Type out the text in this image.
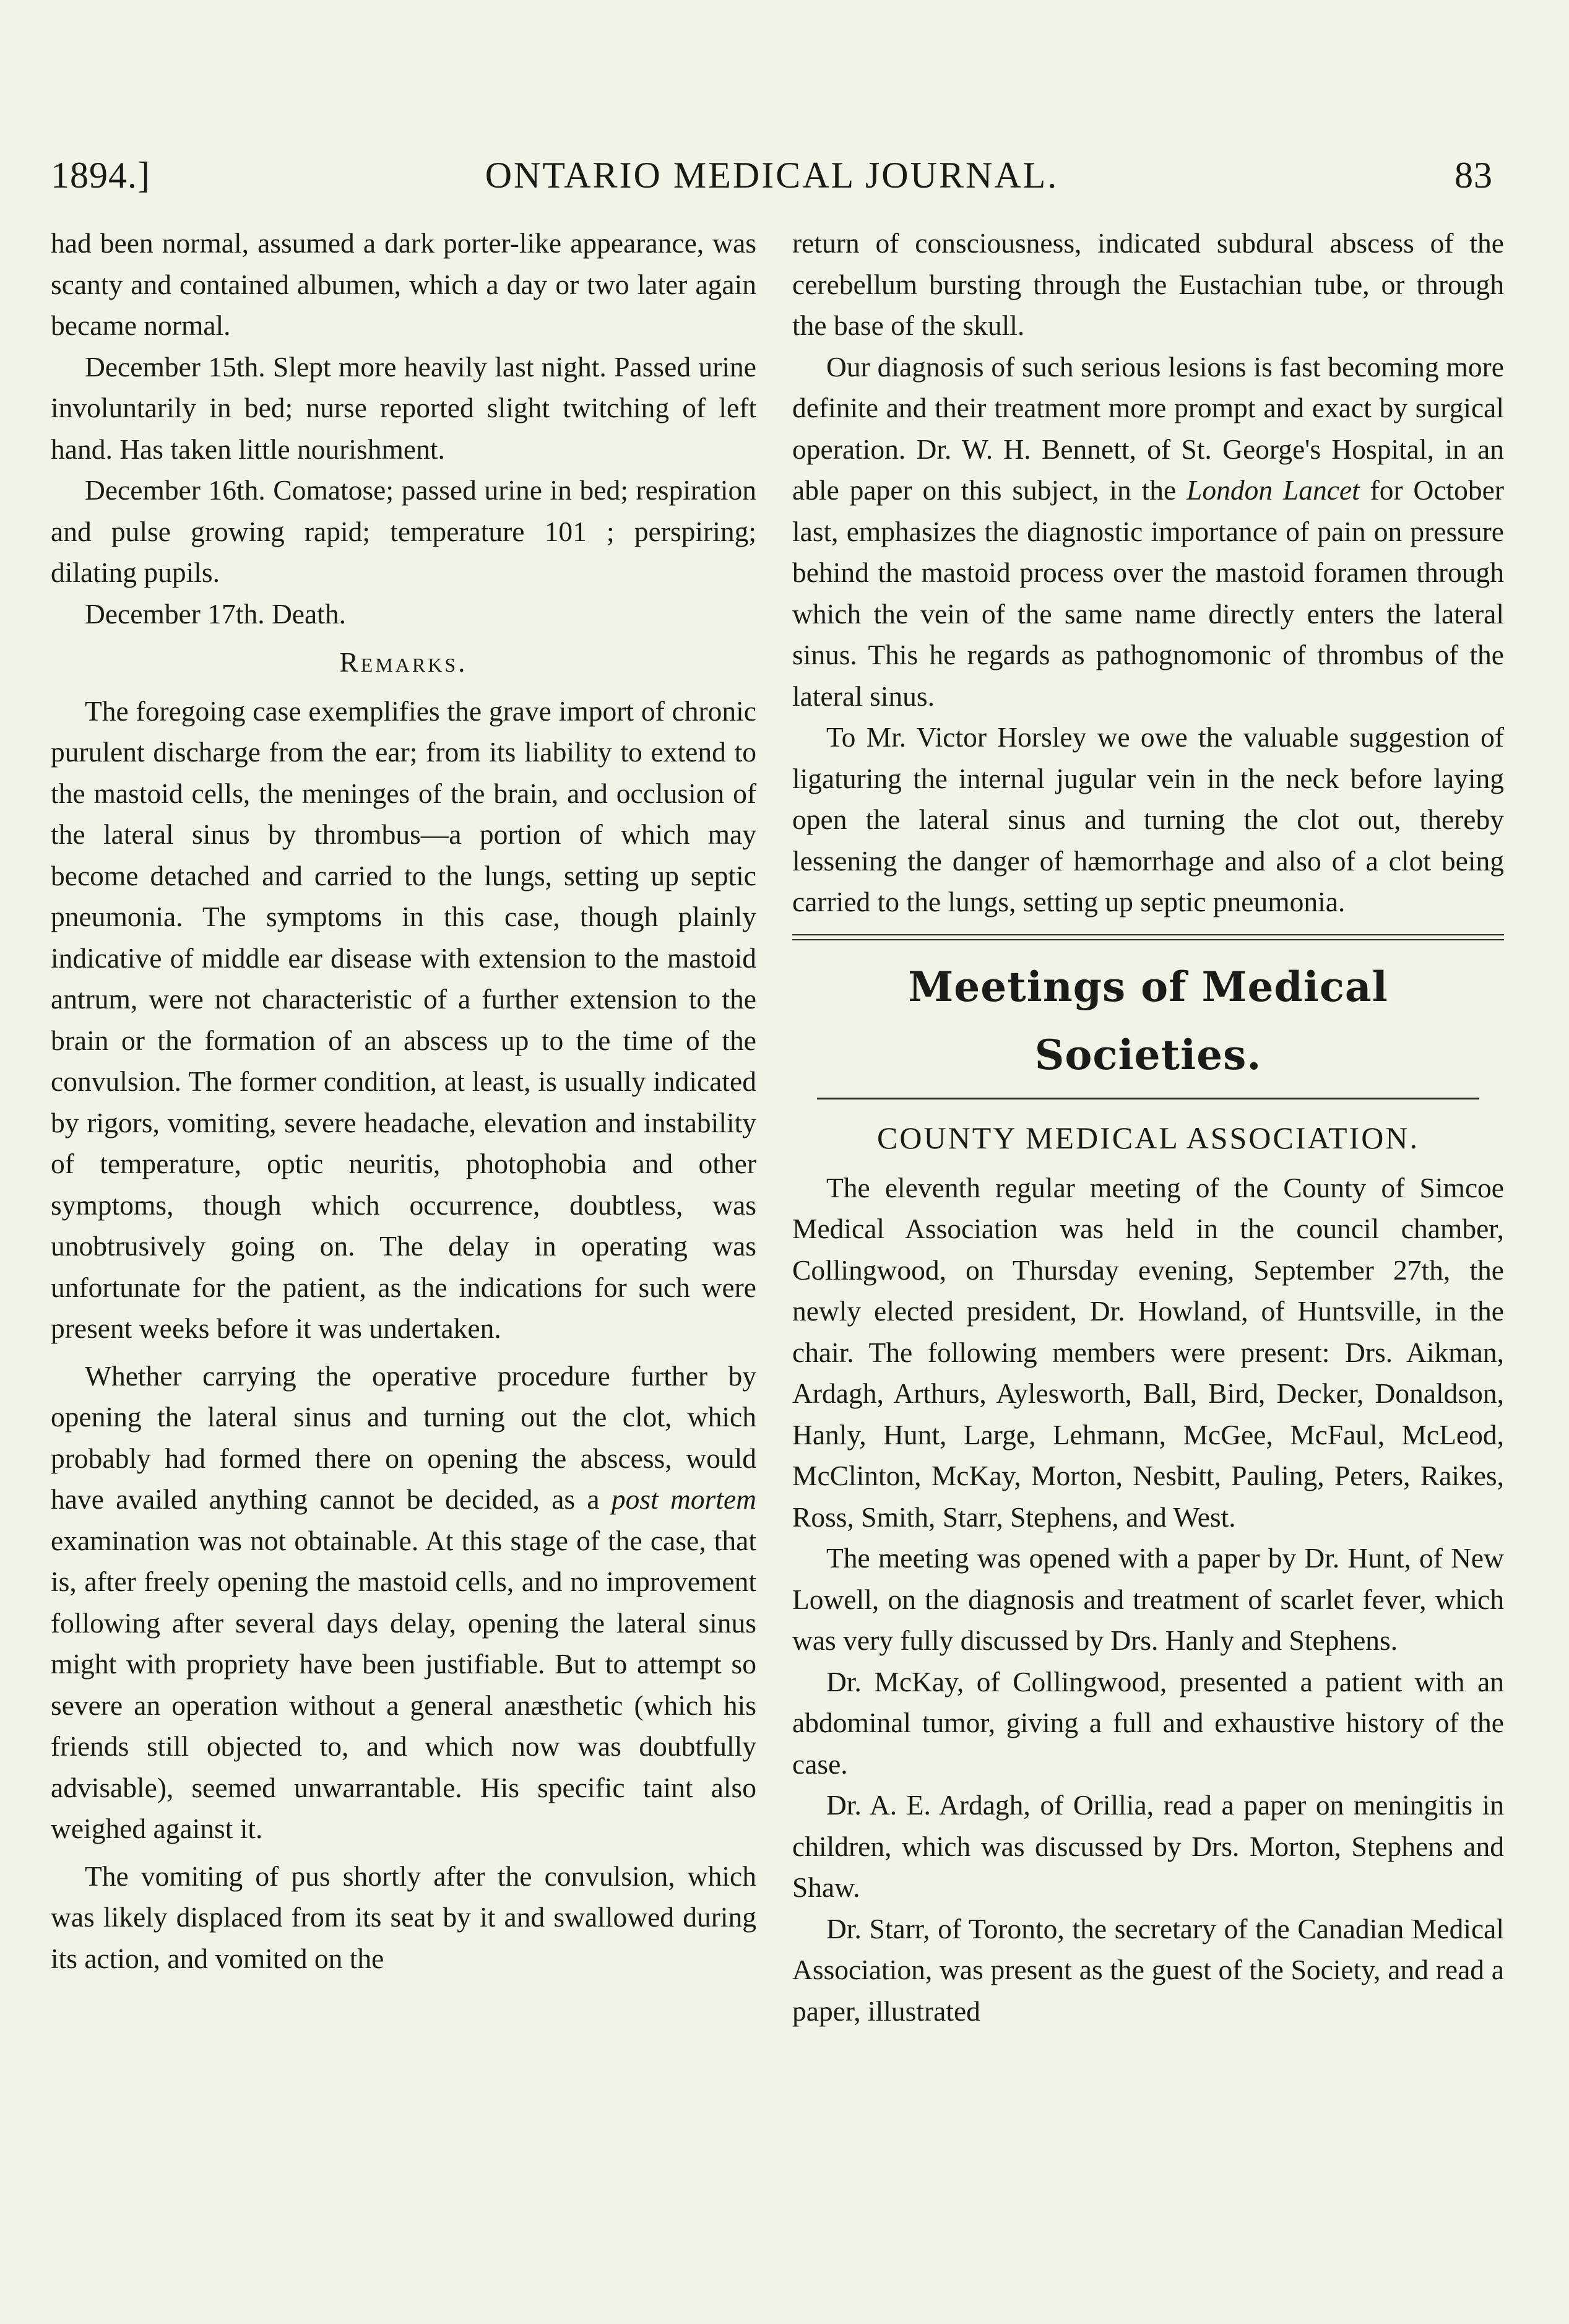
ONTARIO MEDICAL JOURNAL.
1894.]	83

had been normal, assumed a dark porter-like appearance, was scanty and contained albumen, which a day or two later again became normal.

December 15th. Slept more heavily last night. Passed urine involuntarily in bed; nurse reported slight twitching of left hand. Has taken little nourishment.

December 16th. Comatose; passed urine in bed; respiration and pulse growing rapid; temperature 101 ; perspiring; dilating pupils.

December 17th. Death.

Remarks.

The foregoing case exemplifies the grave import of chronic purulent discharge from the ear; from its liability to extend to the mastoid cells, the meninges of the brain, and occlusion of the lateral sinus by thrombus—a portion of which may become detached and carried to the lungs, setting up septic pneumonia. The symptoms in this case, though plainly indicative of middle ear disease with extension to the mastoid antrum, were not characteristic of a further extension to the brain or the formation of an abscess up to the time of the convulsion. The former condition, at least, is usually indicated by rigors, vomiting, severe headache, elevation and instability of temperature, optic neuritis, photophobia and other symptoms, though which occurrence, doubtless, was unobtrusively going on. The delay in operating was unfortunate for the patient, as the indications for such were present weeks before it was undertaken.

Whether carrying the operative procedure further by opening the lateral sinus and turning out the clot, which probably had formed there on opening the abscess, would have availed anything cannot be decided, as a post mortem examination was not obtainable. At this stage of the case, that is, after freely opening the mastoid cells, and no improvement following after several days delay, opening the lateral sinus might with propriety have been justifiable. But to attempt so severe an operation without a general anæsthetic (which his friends still objected to, and which now was doubtfully advisable), seemed unwarrantable. His specific taint also weighed against it.

The vomiting of pus shortly after the convulsion, which was likely displaced from its seat by it and swallowed during its action, and vomited on the

return of consciousness, indicated subdural abscess of the cerebellum bursting through the Eustachian tube, or through the base of the skull.

Our diagnosis of such serious lesions is fast becoming more definite and their treatment more prompt and exact by surgical operation. Dr. W. H. Bennett, of St. George's Hospital, in an able paper on this subject, in the London Lancet for October last, emphasizes the diagnostic importance of pain on pressure behind the mastoid process over the mastoid foramen through which the vein of the same name directly enters the lateral sinus. This he regards as pathognomonic of thrombus of the lateral sinus.

To Mr. Victor Horsley we owe the valuable suggestion of ligaturing the internal jugular vein in the neck before laying open the lateral sinus and turning the clot out, thereby lessening the danger of hæmorrhage and also of a clot being carried to the lungs, setting up septic pneumonia.

Meetings of Medical Societies.
COUNTY MEDICAL ASSOCIATION.

The eleventh regular meeting of the County of Simcoe Medical Association was held in the council chamber, Collingwood, on Thursday evening, September 27th, the newly elected president, Dr. Howland, of Huntsville, in the chair. The following members were present: Drs. Aikman, Ardagh, Arthurs, Aylesworth, Ball, Bird, Decker, Donaldson, Hanly, Hunt, Large, Lehmann, McGee, McFaul, McLeod, McClinton, McKay, Morton, Nesbitt, Pauling, Peters, Raikes, Ross, Smith, Starr, Stephens, and West.

The meeting was opened with a paper by Dr. Hunt, of New Lowell, on the diagnosis and treatment of scarlet fever, which was very fully discussed by Drs. Hanly and Stephens.

Dr. McKay, of Collingwood, presented a patient with an abdominal tumor, giving a full and exhaustive history of the case.

Dr. A. E. Ardagh, of Orillia, read a paper on meningitis in children, which was discussed by Drs. Morton, Stephens and Shaw.

Dr. Starr, of Toronto, the secretary of the Canadian Medical Association, was present as the guest of the Society, and read a paper, illustrated
